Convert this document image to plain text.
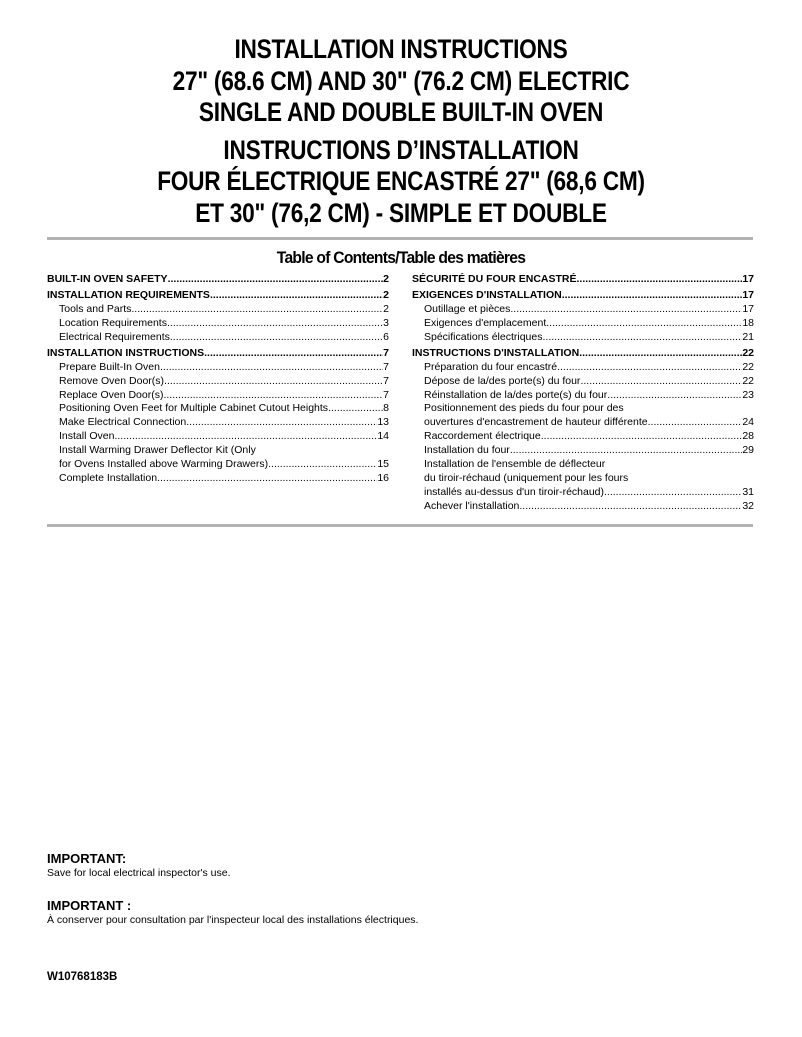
INSTALLATION INSTRUCTIONS
27" (68.6 CM) AND 30" (76.2 CM) ELECTRIC
SINGLE AND DOUBLE BUILT-IN OVEN
INSTRUCTIONS D’INSTALLATION
FOUR ÉLECTRIQUE ENCASTRÉ 27" (68,6 CM)
ET 30" (76,2 CM) - SIMPLE ET DOUBLE
Table of Contents/Table des matières
BUILT-IN OVEN SAFETY .....	2
INSTALLATION REQUIREMENTS .....	2
Tools and Parts .....	2
Location Requirements .....	3
Electrical Requirements .....	6
INSTALLATION INSTRUCTIONS .....	7
Prepare Built-In Oven .....	7
Remove Oven Door(s) .....	7
Replace Oven Door(s) .....	7
Positioning Oven Feet for Multiple Cabinet Cutout Heights .....	8
Make Electrical Connection .....	13
Install Oven .....	14
Install Warming Drawer Deflector Kit (Only
for Ovens Installed above Warming Drawers) .....	15
Complete Installation .....	16
SÉCURITÉ DU FOUR ENCASTRÉ .....	17
EXIGENCES D'INSTALLATION .....	17
Outillage et pièces .....	17
Exigences d'emplacement .....	18
Spécifications électriques .....	21
INSTRUCTIONS D'INSTALLATION .....	22
Préparation du four encastré .....	22
Dépose de la/des porte(s) du four .....	22
Réinstallation de la/des porte(s) du four .....	23
Positionnement des pieds du four pour des
ouvertures d'encastrement de hauteur différente .....	24
Raccordement électrique .....	28
Installation du four .....	29
Installation de l'ensemble de déflecteur
du tiroir-réchaud (uniquement pour les fours
installés au-dessus d'un tiroir-réchaud) .....	31
Achever l'installation .....	32
IMPORTANT:
Save for local electrical inspector's use.
IMPORTANT :
À conserver pour consultation par l'inspecteur local des installations électriques.
W10768183B
